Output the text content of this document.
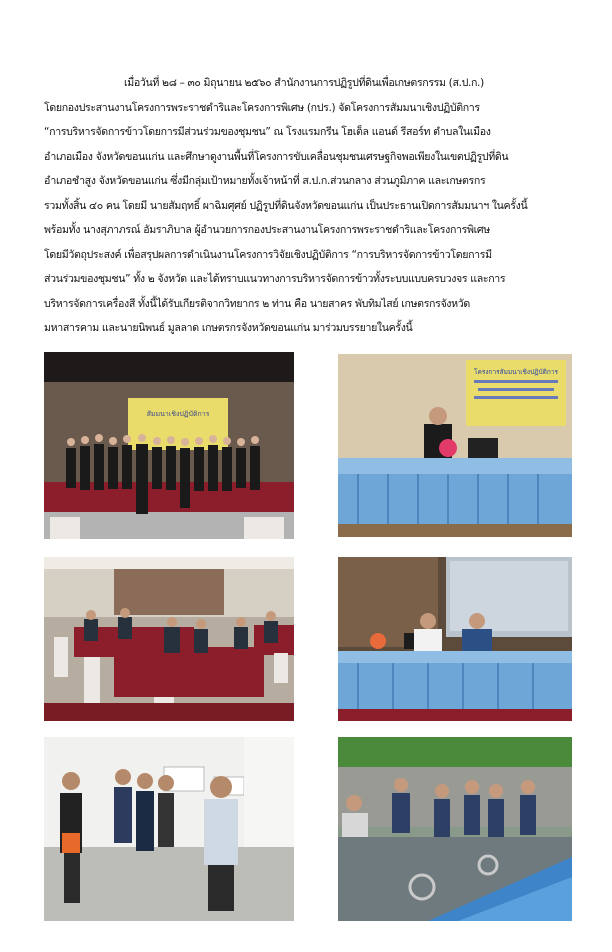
เมื่อวันที่ ๒๘ – ๓๐ มิถุนายน ๒๕๖๐ สำนักงานการปฏิรูปที่ดินเพื่อเกษตรกรรม (ส.ป.ก.)
โดยกองประสานงานโครงการพระราชดำริและโครงการพิเศษ (กปร.) จัดโครงการสัมมนาเชิงปฏิบัติการ
“การบริหารจัดการข้าวโดยการมีส่วนร่วมของชุมชน” ณ โรงแรมกรีน โฮเต็ล แอนด์ รีสอร์ท ตำบลในเมือง
อำเภอเมือง จังหวัดขอนแก่น และศึกษาดูงานพื้นที่โครงการขับเคลื่อนชุมชนเศรษฐกิจพอเพียงในเขตปฏิรูปที่ดิน
อำเภอชำสูง จังหวัดขอนแก่น ซึ่งมีกลุ่มเป้าหมายทั้งเจ้าหน้าที่ ส.ป.ก.ส่วนกลาง ส่วนภูมิภาค และเกษตรกร
รวมทั้งสิ้น ๔๐ คน โดยมี นายสัมฤทธิ์ ผาฉิมศุศย์ ปฏิรูปที่ดินจังหวัดขอนแก่น เป็นประธานเปิดการสัมมนาฯ ในครั้งนี้
พร้อมทั้ง นางสุภาภรณ์ อัมราภิบาล ผู้อำนวยการกองประสานงานโครงการพระราชดำริและโครงการพิเศษ
โดยมีวัตถุประสงค์ เพื่อสรุปผลการดำเนินงานโครงการวิจัยเชิงปฏิบัติการ “การบริหารจัดการข้าวโดยการมี
ส่วนร่วมของชุมชน” ทั้ง ๒ จังหวัด และได้ทราบแนวทางการบริหารจัดการข้าวทั้งระบบแบบครบวงจร และการ
บริหารจัดการเครื่องสี ทั้งนี้ได้รับเกียรติจากวิทยากร ๒ ท่าน คือ นายสาคร พับทิมไสย์ เกษตรกรจังหวัด
มหาสารคาม และนายนิพนธ์ มูลลาด เกษตรกรจังหวัดขอนแก่น มาร่วมบรรยายในครั้งนี้
สัมมนาเชิงปฏิบัติการ
โครงการสัมมนาเชิงปฏิบัติการ
